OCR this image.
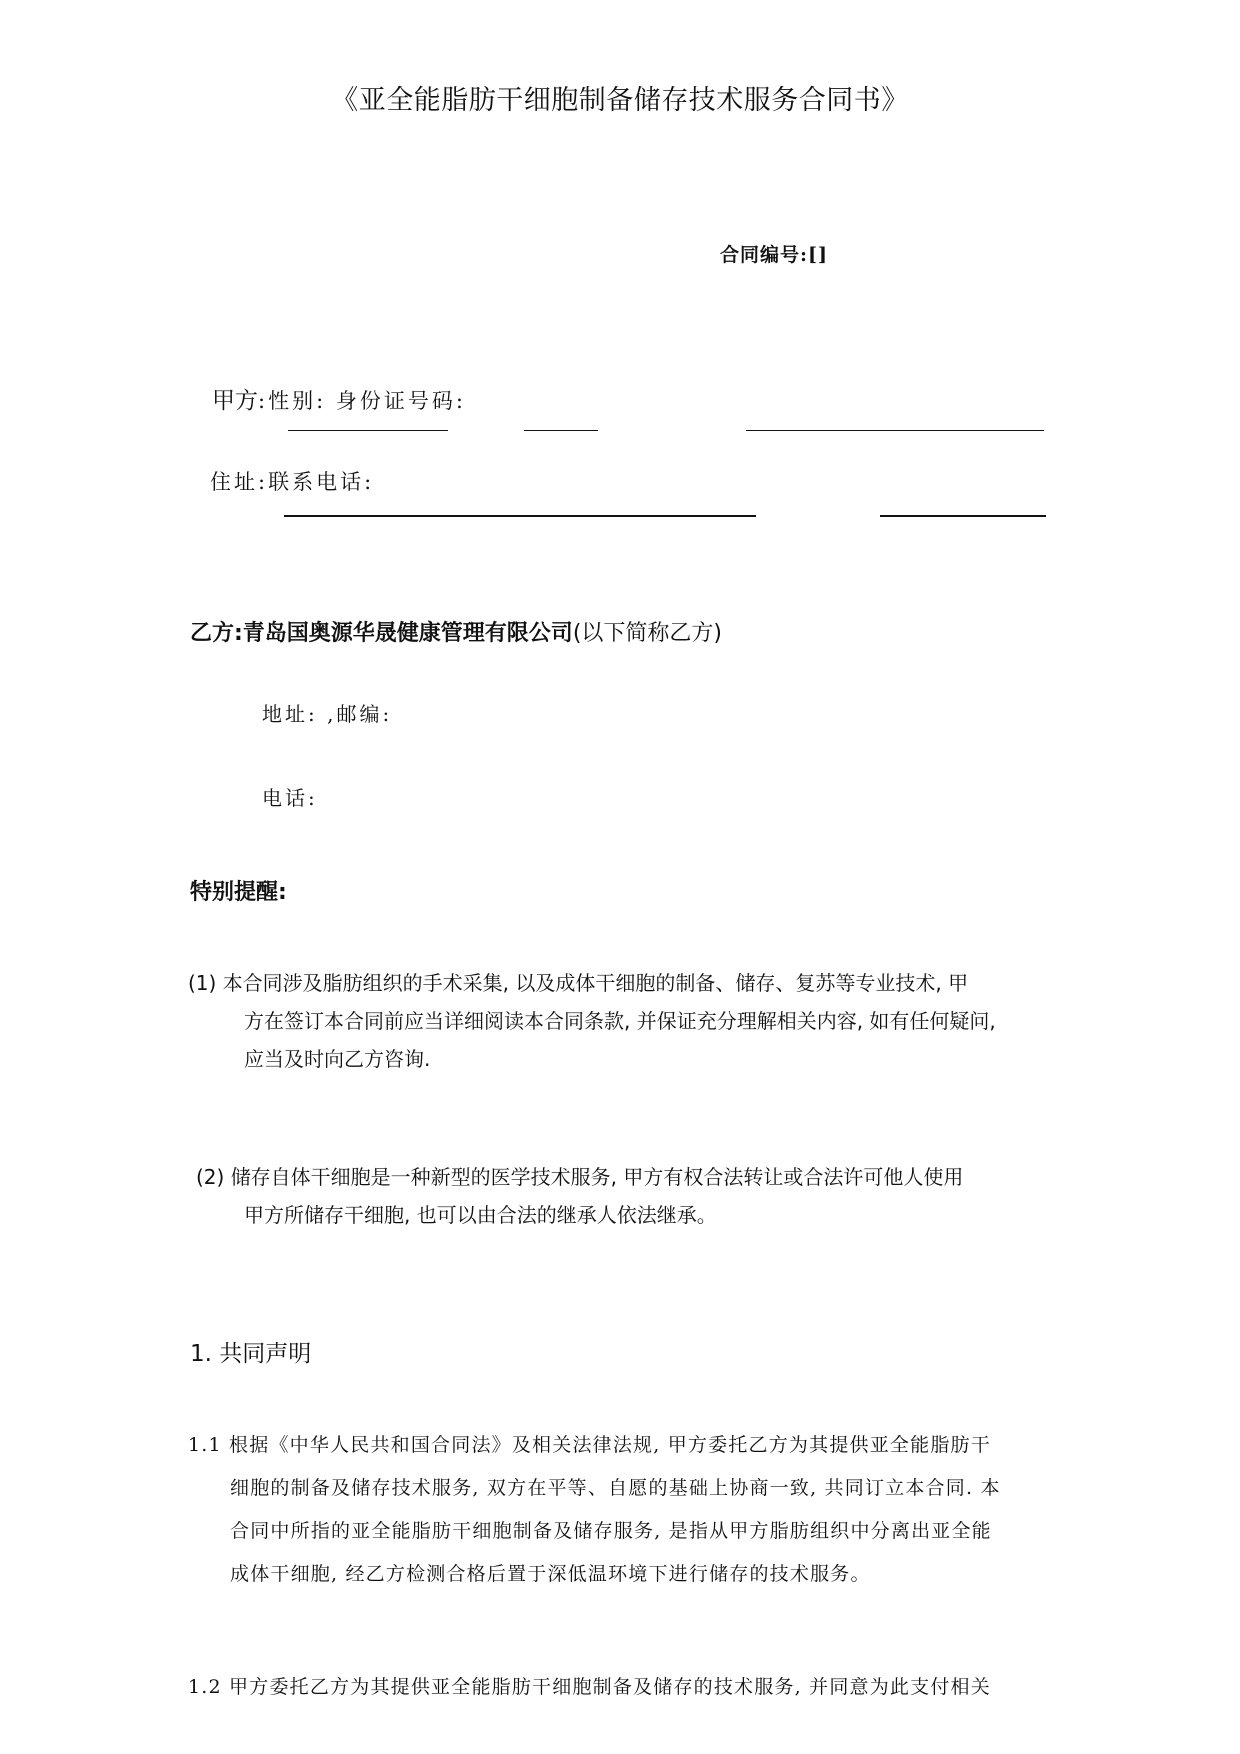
《亚全能脂肪干细胞制备储存技术服务合同书》
合同编号:[]
甲方:性别: 身份证号码:
住址:联系电话:
乙方:青岛国奥源华晟健康管理有限公司(以下简称乙方)
地址: ,邮编:
电话:
特别提醒:
(1) 本合同涉及脂肪组织的手术采集, 以及成体干细胞的制备、储存、复苏等专业技术, 甲
方在签订本合同前应当详细阅读本合同条款, 并保证充分理解相关内容, 如有任何疑问,
应当及时向乙方咨询.
(2) 储存自体干细胞是一种新型的医学技术服务, 甲方有权合法转让或合法许可他人使用
甲方所储存干细胞, 也可以由合法的继承人依法继承。
1. 共同声明
1.1 根据《中华人民共和国合同法》及相关法律法规, 甲方委托乙方为其提供亚全能脂肪干
细胞的制备及储存技术服务, 双方在平等、自愿的基础上协商一致, 共同订立本合同. 本
合同中所指的亚全能脂肪干细胞制备及储存服务, 是指从甲方脂肪组织中分离出亚全能
成体干细胞, 经乙方检测合格后置于深低温环境下进行储存的技术服务。
1.2 甲方委托乙方为其提供亚全能脂肪干细胞制备及储存的技术服务, 并同意为此支付相关
